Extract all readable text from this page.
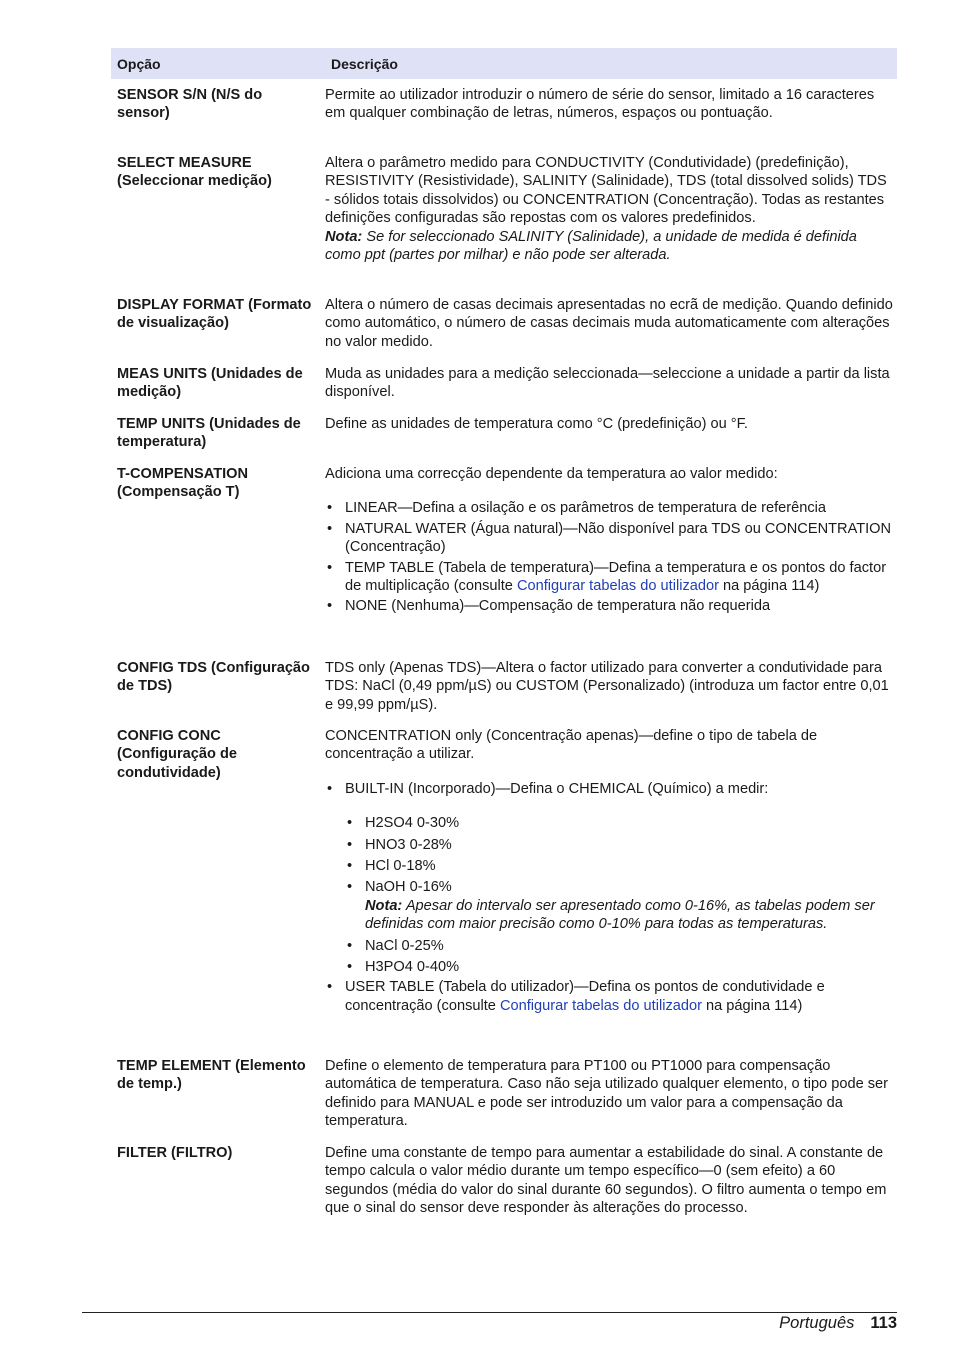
Opção	Descrição
SENSOR S/N (N/S do sensor)
Permite ao utilizador introduzir o número de série do sensor, limitado a 16 caracteres em qualquer combinação de letras, números, espaços ou pontuação.
SELECT MEASURE (Seleccionar medição)

Altera o parâmetro medido para CONDUCTIVITY (Condutividade) (predefinição), RESISTIVITY (Resistividade), SALINITY (Salinidade), TDS (total dissolved solids) TDS - sólidos totais dissolvidos) ou CONCENTRATION (Concentração). Todas as restantes definições configuradas são repostas com os valores predefinidos.

Nota: Se for seleccionado SALINITY (Salinidade), a unidade de medida é definida como ppt (partes por milhar) e não pode ser alterada.

DISPLAY FORMAT (Formato de visualização)
Altera o número de casas decimais apresentadas no ecrã de medição. Quando definido como automático, o número de casas decimais muda automaticamente com alterações no valor medido.
MEAS UNITS (Unidades de medição)
Muda as unidades para a medição seleccionada—seleccione a unidade a partir da lista disponível.
TEMP UNITS (Unidades de temperatura)
Define as unidades de temperatura como °C (predefinição) ou °F.
T-COMPENSATION (Compensação T)

Adiciona uma correcção dependente da temperatura ao valor medido:

• LINEAR—Defina a osilação e os parâmetros de temperatura de referência
• NATURAL WATER (Água natural)—Não disponível para TDS ou CONCENTRATION (Concentração)
• TEMP TABLE (Tabela de temperatura)—Defina a temperatura e os pontos do factor de multiplicação (consulte Configurar tabelas do utilizador na página 114)
• NONE (Nenhuma)—Compensação de temperatura não requerida
CONFIG TDS (Configuração de TDS)
TDS only (Apenas TDS)—Altera o factor utilizado para converter a condutividade para TDS: NaCl (0,49 ppm/µS) ou CUSTOM (Personalizado) (introduza um factor entre 0,01 e 99,99 ppm/µS).
CONFIG CONC (Configuração de condutividade)

CONCENTRATION only (Concentração apenas)—define o tipo de tabela de concentração a utilizar.

• BUILT-IN (Incorporado)—Defina o CHEMICAL (Químico) a medir:
• H2SO4 0-30%
• HNO3 0-28%
• HCl 0-18%
• NaOH 0-16%

Nota: Apesar do intervalo ser apresentado como 0-16%, as tabelas podem ser definidas com maior precisão como 0-10% para todas as temperaturas.

• NaCl 0-25%
• H3PO4 0-40%
• USER TABLE (Tabela do utilizador)—Defina os pontos de condutividade e concentração (consulte Configurar tabelas do utilizador na página 114)
TEMP ELEMENT (Elemento de temp.)
Define o elemento de temperatura para PT100 ou PT1000 para compensação automática de temperatura. Caso não seja utilizado qualquer elemento, o tipo pode ser definido para MANUAL e pode ser introduzido um valor para a compensação da temperatura.
FILTER (FILTRO)	Define uma constante de tempo para aumentar a estabilidade do sinal. A constante de tempo calcula o valor médio durante um tempo específico—0 (sem efeito) a 60 segundos (média do valor do sinal durante 60 segundos). O filtro aumenta o tempo em que o sinal do sensor deve responder às alterações do processo.
Português 113
